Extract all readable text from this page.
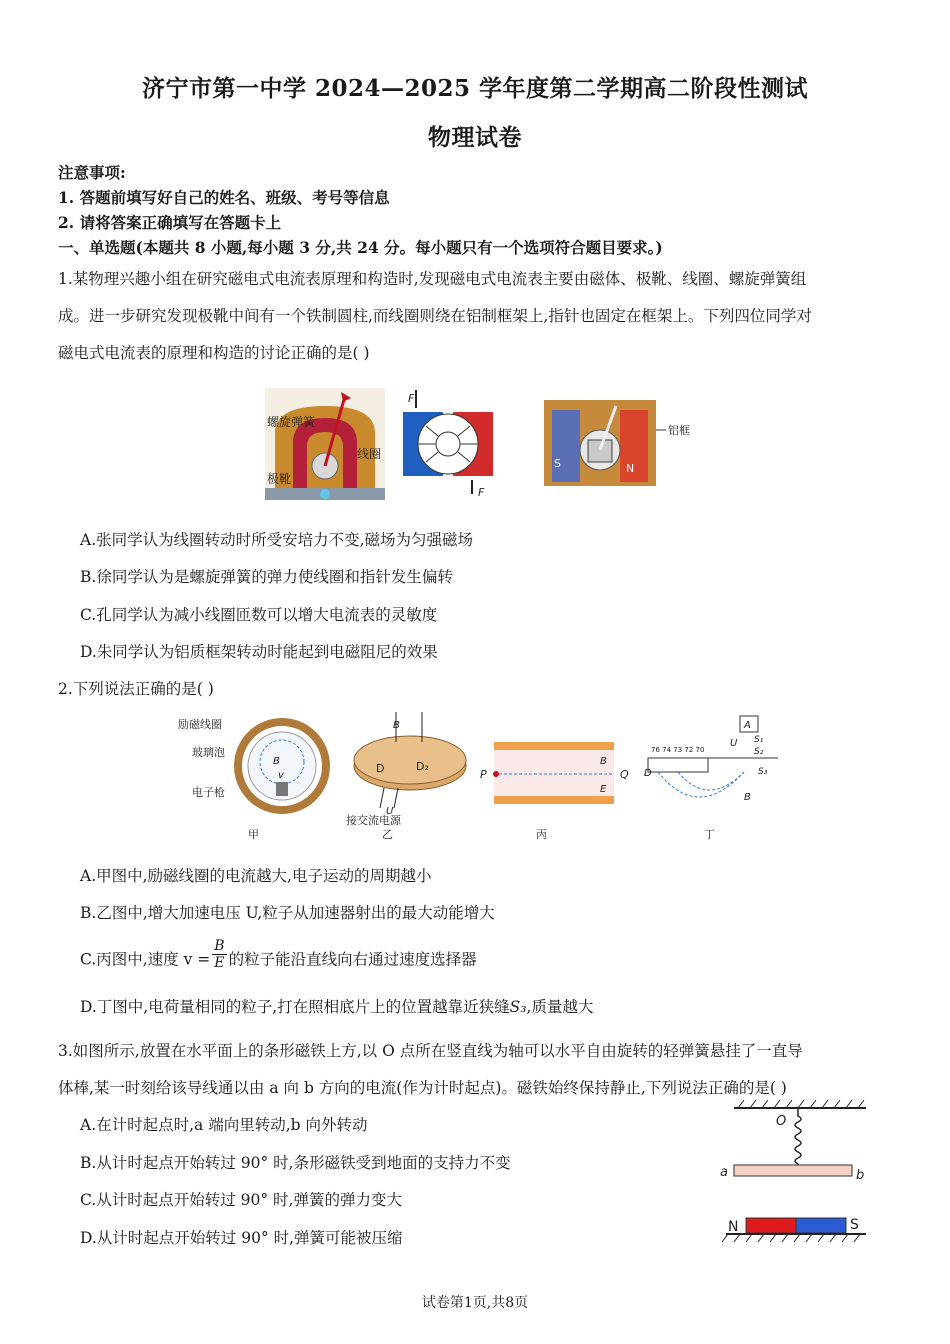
济宁市第一中学 2024—2025 学年度第二学期高二阶段性测试
物理试卷
注意事项:
1. 答题前填写好自己的姓名、班级、考号等信息
2. 请将答案正确填写在答题卡上
一、单选题(本题共 8 小题,每小题 3 分,共 24 分。每小题只有一个选项符合题目要求。)
1.某物理兴趣小组在研究磁电式电流表原理和构造时,发现磁电式电流表主要由磁体、极靴、线圈、螺旋弹簧组
成。进一步研究发现极靴中间有一个铁制圆柱,而线圈则绕在铝制框架上,指针也固定在框架上。下列四位同学对
磁电式电流表的原理和构造的讨论正确的是( )
螺旋弹簧
线圈
极靴
F
F
S	N
铝框
A.张同学认为线圈转动时所受安培力不变,磁场为匀强磁场
B.徐同学认为是螺旋弹簧的弹力使线圈和指针发生偏转
C.孔同学认为减小线圈匝数可以增大电流表的灵敏度
D.朱同学认为铝质框架转动时能起到电磁阻尼的效果
2.下列说法正确的是( )
励磁线圈
玻璃泡
电子枪
B
v
甲
B
D	D₂
U
接交流电源
乙
P	Q
B
E
丙
76 74 73 72 70
A
U S₁
S₂
S₃
D
B
丁
A.甲图中,励磁线圈的电流越大,电子运动的周期越小
B.乙图中,增大加速电压 U,粒子从加速器射出的最大动能增大
C.丙图中,速度 $v = \frac{B}{E}$ 的粒子能沿直线向右通过速度选择器
D.丁图中,电荷量相同的粒子,打在照相底片上的位置越靠近狭缝S₃,质量越大
3.如图所示,放置在水平面上的条形磁铁上方,以 O 点所在竖直线为轴可以水平自由旋转的轻弹簧悬挂了一直导
体棒,某一时刻给该导线通以由 a 向 b 方向的电流(作为计时起点)。磁铁始终保持静止,下列说法正确的是( )
A.在计时起点时,a 端向里转动,b 向外转动
B.从计时起点开始转过 90° 时,条形磁铁受到地面的支持力不变
C.从计时起点开始转过 90° 时,弹簧的弹力变大
D.从计时起点开始转过 90° 时,弹簧可能被压缩
O
a	b
N	S
试卷第1页,共8页
